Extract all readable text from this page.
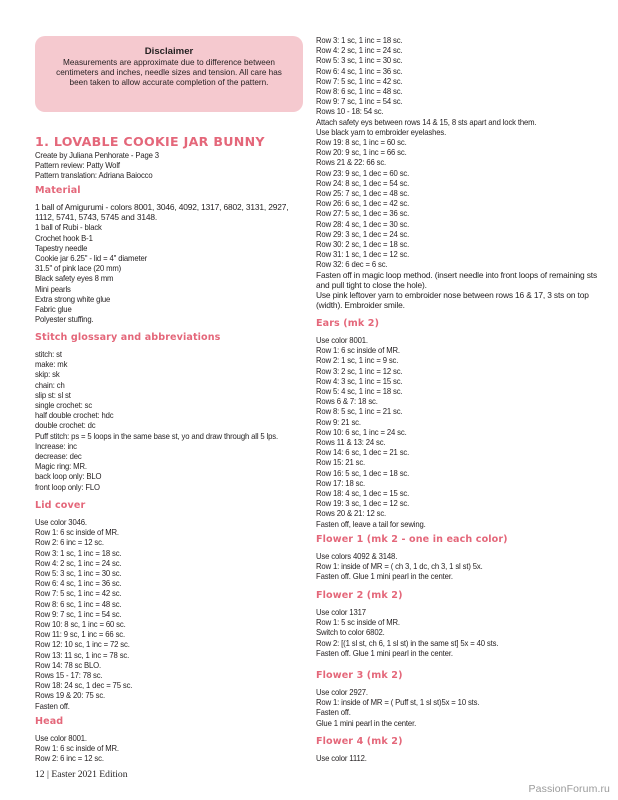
Disclaimer
Measurements are approximate due to difference between centimeters and inches, needle sizes and tension. All care has been taken to allow accurate completion of the pattern.
1. LOVABLE COOKIE JAR BUNNY
Create by Juliana Penhorate - Page 3
Pattern review: Patty Wolf
Pattern translation: Adriana Baiocco
Material
1 ball of Amigurumi - colors 8001, 3046, 4092, 1317, 6802, 3131, 2927, 1112, 5741, 5743, 5745 and 3148.
1 ball of Rubi - black
Crochet hook B-1
Tapestry needle
Cookie jar 6.25" - lid = 4" diameter
31.5" of pink lace (20 mm)
Black safety eyes 8 mm
Mini pearls
Extra strong white glue
Fabric glue
Polyester stuffing.
Stitch glossary and abbreviations
stitch: st
make: mk
skip: sk
chain: ch
slip st: sl st
single crochet: sc
half double crochet: hdc
double crochet: dc
Puff stitch: ps = 5 loops in the same base st, yo and draw through all 5 lps.
Increase: inc
decrease: dec
Magic ring: MR.
back loop only: BLO
front loop only: FLO
Lid cover
Use color 3046.
Row 1: 6 sc inside of MR.
Row 2: 6 inc = 12 sc.
Row 3: 1 sc, 1 inc = 18 sc.
Row 4: 2 sc, 1 inc = 24 sc.
Row 5: 3 sc, 1 inc = 30 sc.
Row 6: 4 sc, 1 inc = 36 sc.
Row 7: 5 sc, 1 inc = 42 sc.
Row 8: 6 sc, 1 inc = 48 sc.
Row 9: 7 sc, 1 inc = 54 sc.
Row 10: 8 sc, 1 inc = 60 sc.
Row 11: 9 sc, 1 inc = 66 sc.
Row 12: 10 sc, 1 inc = 72 sc.
Row 13: 11 sc, 1 inc = 78 sc.
Row 14: 78 sc BLO.
Rows 15 - 17: 78 sc.
Row 18: 24 sc, 1 dec = 75 sc.
Rows 19 & 20: 75 sc.
Fasten off.
Head
Use color 8001.
Row 1: 6 sc inside of MR.
Row 2: 6 inc = 12 sc.
Row 3: 1 sc, 1 inc = 18 sc.
Row 4: 2 sc, 1 inc = 24 sc.
Row 5: 3 sc, 1 inc = 30 sc.
Row 6: 4 sc, 1 inc = 36 sc.
Row 7: 5 sc, 1 inc = 42 sc.
Row 8: 6 sc, 1 inc = 48 sc.
Row 9: 7 sc, 1 inc = 54 sc.
Rows 10 - 18: 54 sc.
Attach safety eys between rows 14 & 15, 8 sts apart and lock them.
Use black yarn to embroider eyelashes.
Row 19: 8 sc, 1 inc = 60 sc.
Row 20: 9 sc, 1 inc = 66 sc.
Rows 21 & 22: 66 sc.
Row 23: 9 sc, 1 dec = 60 sc.
Row 24: 8 sc, 1 dec = 54 sc.
Row 25: 7 sc, 1 dec = 48 sc.
Row 26: 6 sc, 1 dec = 42 sc.
Row 27: 5 sc, 1 dec = 36 sc.
Row 28: 4 sc, 1 dec = 30 sc.
Row 29: 3 sc, 1 dec = 24 sc.
Row 30: 2 sc, 1 dec = 18 sc.
Row 31: 1 sc, 1 dec = 12 sc.
Row 32: 6 dec = 6 sc.
Fasten off in magic loop method. (insert needle into front loops of remaining sts and pull tight to close the hole).
Use pink leftover yarn to embroider nose between rows 16 & 17, 3 sts on top (width). Embroider smile.
Ears (mk 2)
Use color 8001.
Row 1: 6 sc inside of MR.
Row 2: 1 sc, 1 inc = 9 sc.
Row 3: 2 sc, 1 inc = 12 sc.
Row 4: 3 sc, 1 inc = 15 sc.
Row 5: 4 sc, 1 inc = 18 sc.
Rows 6 & 7: 18 sc.
Row 8: 5 sc, 1 inc = 21 sc.
Row 9: 21 sc.
Row 10: 6 sc, 1 inc = 24 sc.
Rows 11 & 13: 24 sc.
Row 14: 6 sc, 1 dec = 21 sc.
Row 15: 21 sc.
Row 16: 5 sc, 1 dec = 18 sc.
Row 17: 18 sc.
Row 18: 4 sc, 1 dec = 15 sc.
Row 19: 3 sc, 1 dec = 12 sc.
Rows 20 & 21: 12 sc.
Fasten off, leave a tail for sewing.
Flower 1 (mk 2 - one in each color)
Use colors 4092 & 3148.
Row 1: inside of MR = ( ch 3, 1 dc, ch 3, 1 sl st) 5x.
Fasten off. Glue 1 mini pearl in the center.
Flower 2 (mk 2)
Use color 1317
Row 1: 5 sc inside of MR.
Switch to color 6802.
Row 2: [(1 sl st, ch 6, 1 sl st) in the same st] 5x = 40 sts.
Fasten off. Glue 1 mini pearl in the center.
Flower 3 (mk 2)
Use color 2927.
Row 1: inside of MR = ( Puff st, 1 sl st)5x = 10 sts.
Fasten off.
Glue 1 mini pearl in the center.
Flower 4 (mk 2)
Use color 1112.
12 | Easter 2021 Edition
PassionForum.ru
